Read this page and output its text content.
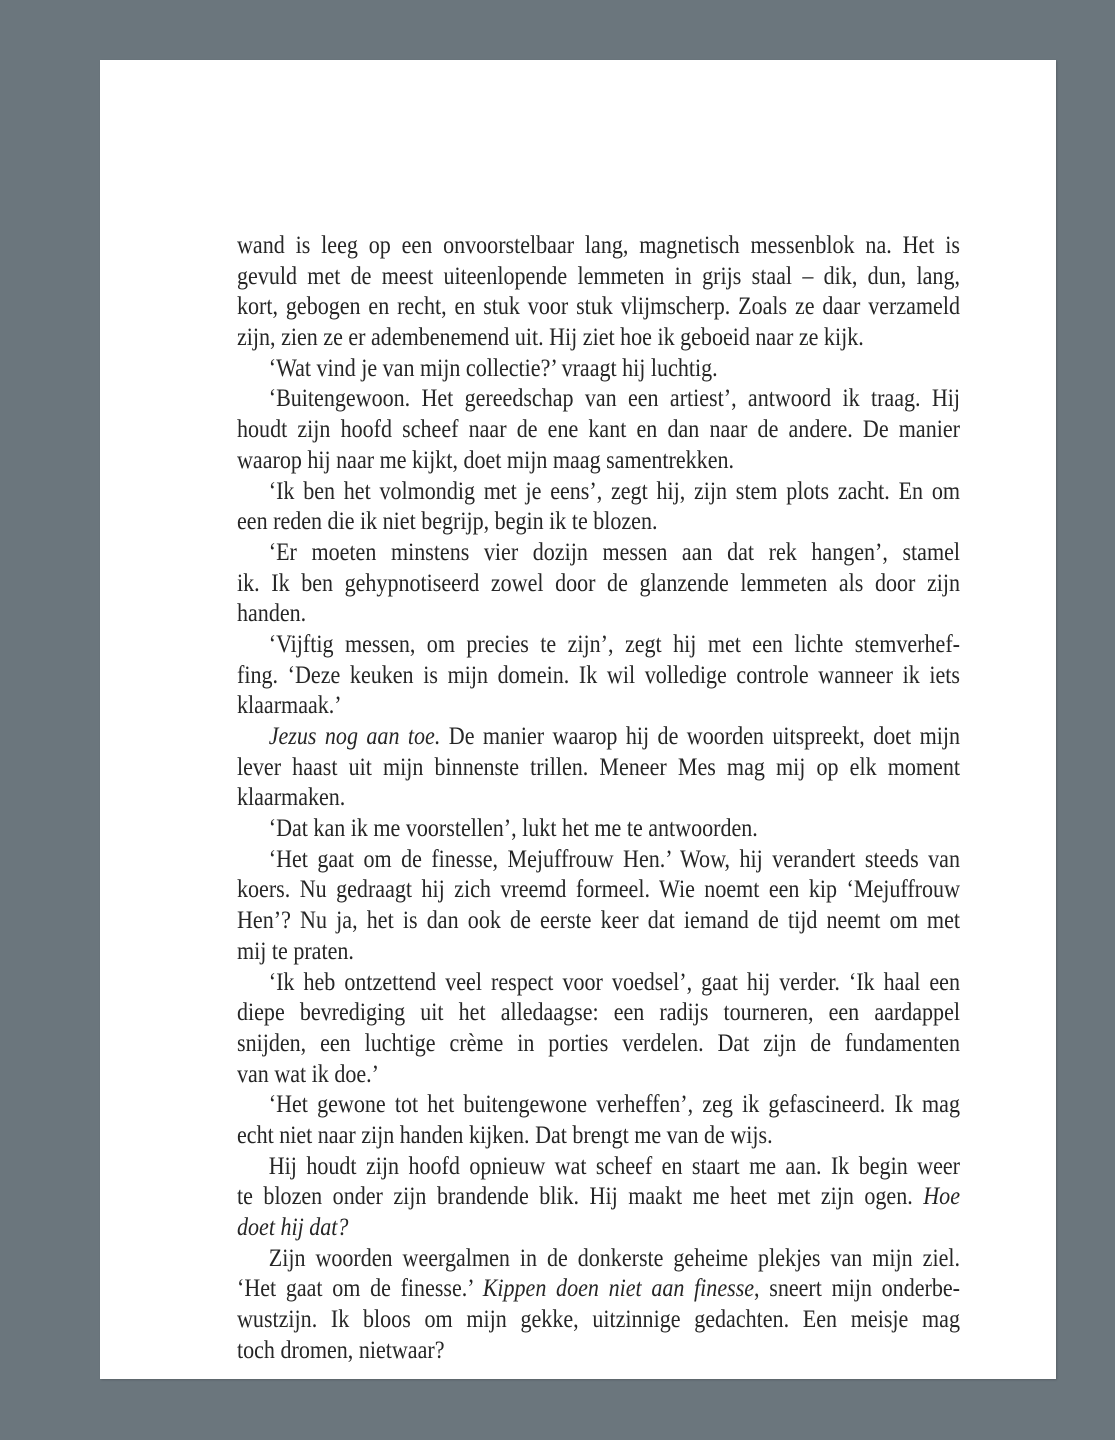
wand is leeg op een onvoorstelbaar lang, magnetisch messenblok na. Het is
gevuld met de meest uiteenlopende lemmeten in grijs staal – dik, dun, lang,
kort, gebogen en recht, en stuk voor stuk vlijmscherp. Zoals ze daar verzameld
zijn, zien ze er adembenemend uit. Hij ziet hoe ik geboeid naar ze kijk.
‘Wat vind je van mijn collectie?’ vraagt hij luchtig.
‘Buitengewoon. Het gereedschap van een artiest’, antwoord ik traag. Hij
houdt zijn hoofd scheef naar de ene kant en dan naar de andere. De manier
waarop hij naar me kijkt, doet mijn maag samentrekken.
‘Ik ben het volmondig met je eens’, zegt hij, zijn stem plots zacht. En om
een reden die ik niet begrijp, begin ik te blozen.
‘Er moeten minstens vier dozijn messen aan dat rek hangen’, stamel
ik. Ik ben gehypnotiseerd zowel door de glanzende lemmeten als door zijn
handen.
‘Vijftig messen, om precies te zijn’, zegt hij met een lichte stemverhef-
fing. ‘Deze keuken is mijn domein. Ik wil volledige controle wanneer ik iets
klaarmaak.’
Jezus nog aan toe. De manier waarop hij de woorden uitspreekt, doet mijn
lever haast uit mijn binnenste trillen. Meneer Mes mag mij op elk moment
klaarmaken.
‘Dat kan ik me voorstellen’, lukt het me te antwoorden.
‘Het gaat om de finesse, Mejuffrouw Hen.’ Wow, hij verandert steeds van
koers. Nu gedraagt hij zich vreemd formeel. Wie noemt een kip ‘Mejuffrouw
Hen’? Nu ja, het is dan ook de eerste keer dat iemand de tijd neemt om met
mij te praten.
‘Ik heb ontzettend veel respect voor voedsel’, gaat hij verder. ‘Ik haal een
diepe bevrediging uit het alledaagse: een radijs tourneren, een aardappel
snijden, een luchtige crème in porties verdelen. Dat zijn de fundamenten
van wat ik doe.’
‘Het gewone tot het buitengewone verheffen’, zeg ik gefascineerd. Ik mag
echt niet naar zijn handen kijken. Dat brengt me van de wijs.
Hij houdt zijn hoofd opnieuw wat scheef en staart me aan. Ik begin weer
te blozen onder zijn brandende blik. Hij maakt me heet met zijn ogen. Hoe
doet hij dat?
Zijn woorden weergalmen in de donkerste geheime plekjes van mijn ziel.
‘Het gaat om de finesse.’ Kippen doen niet aan finesse, sneert mijn onderbe-
wustzijn. Ik bloos om mijn gekke, uitzinnige gedachten. Een meisje mag
toch dromen, nietwaar?
